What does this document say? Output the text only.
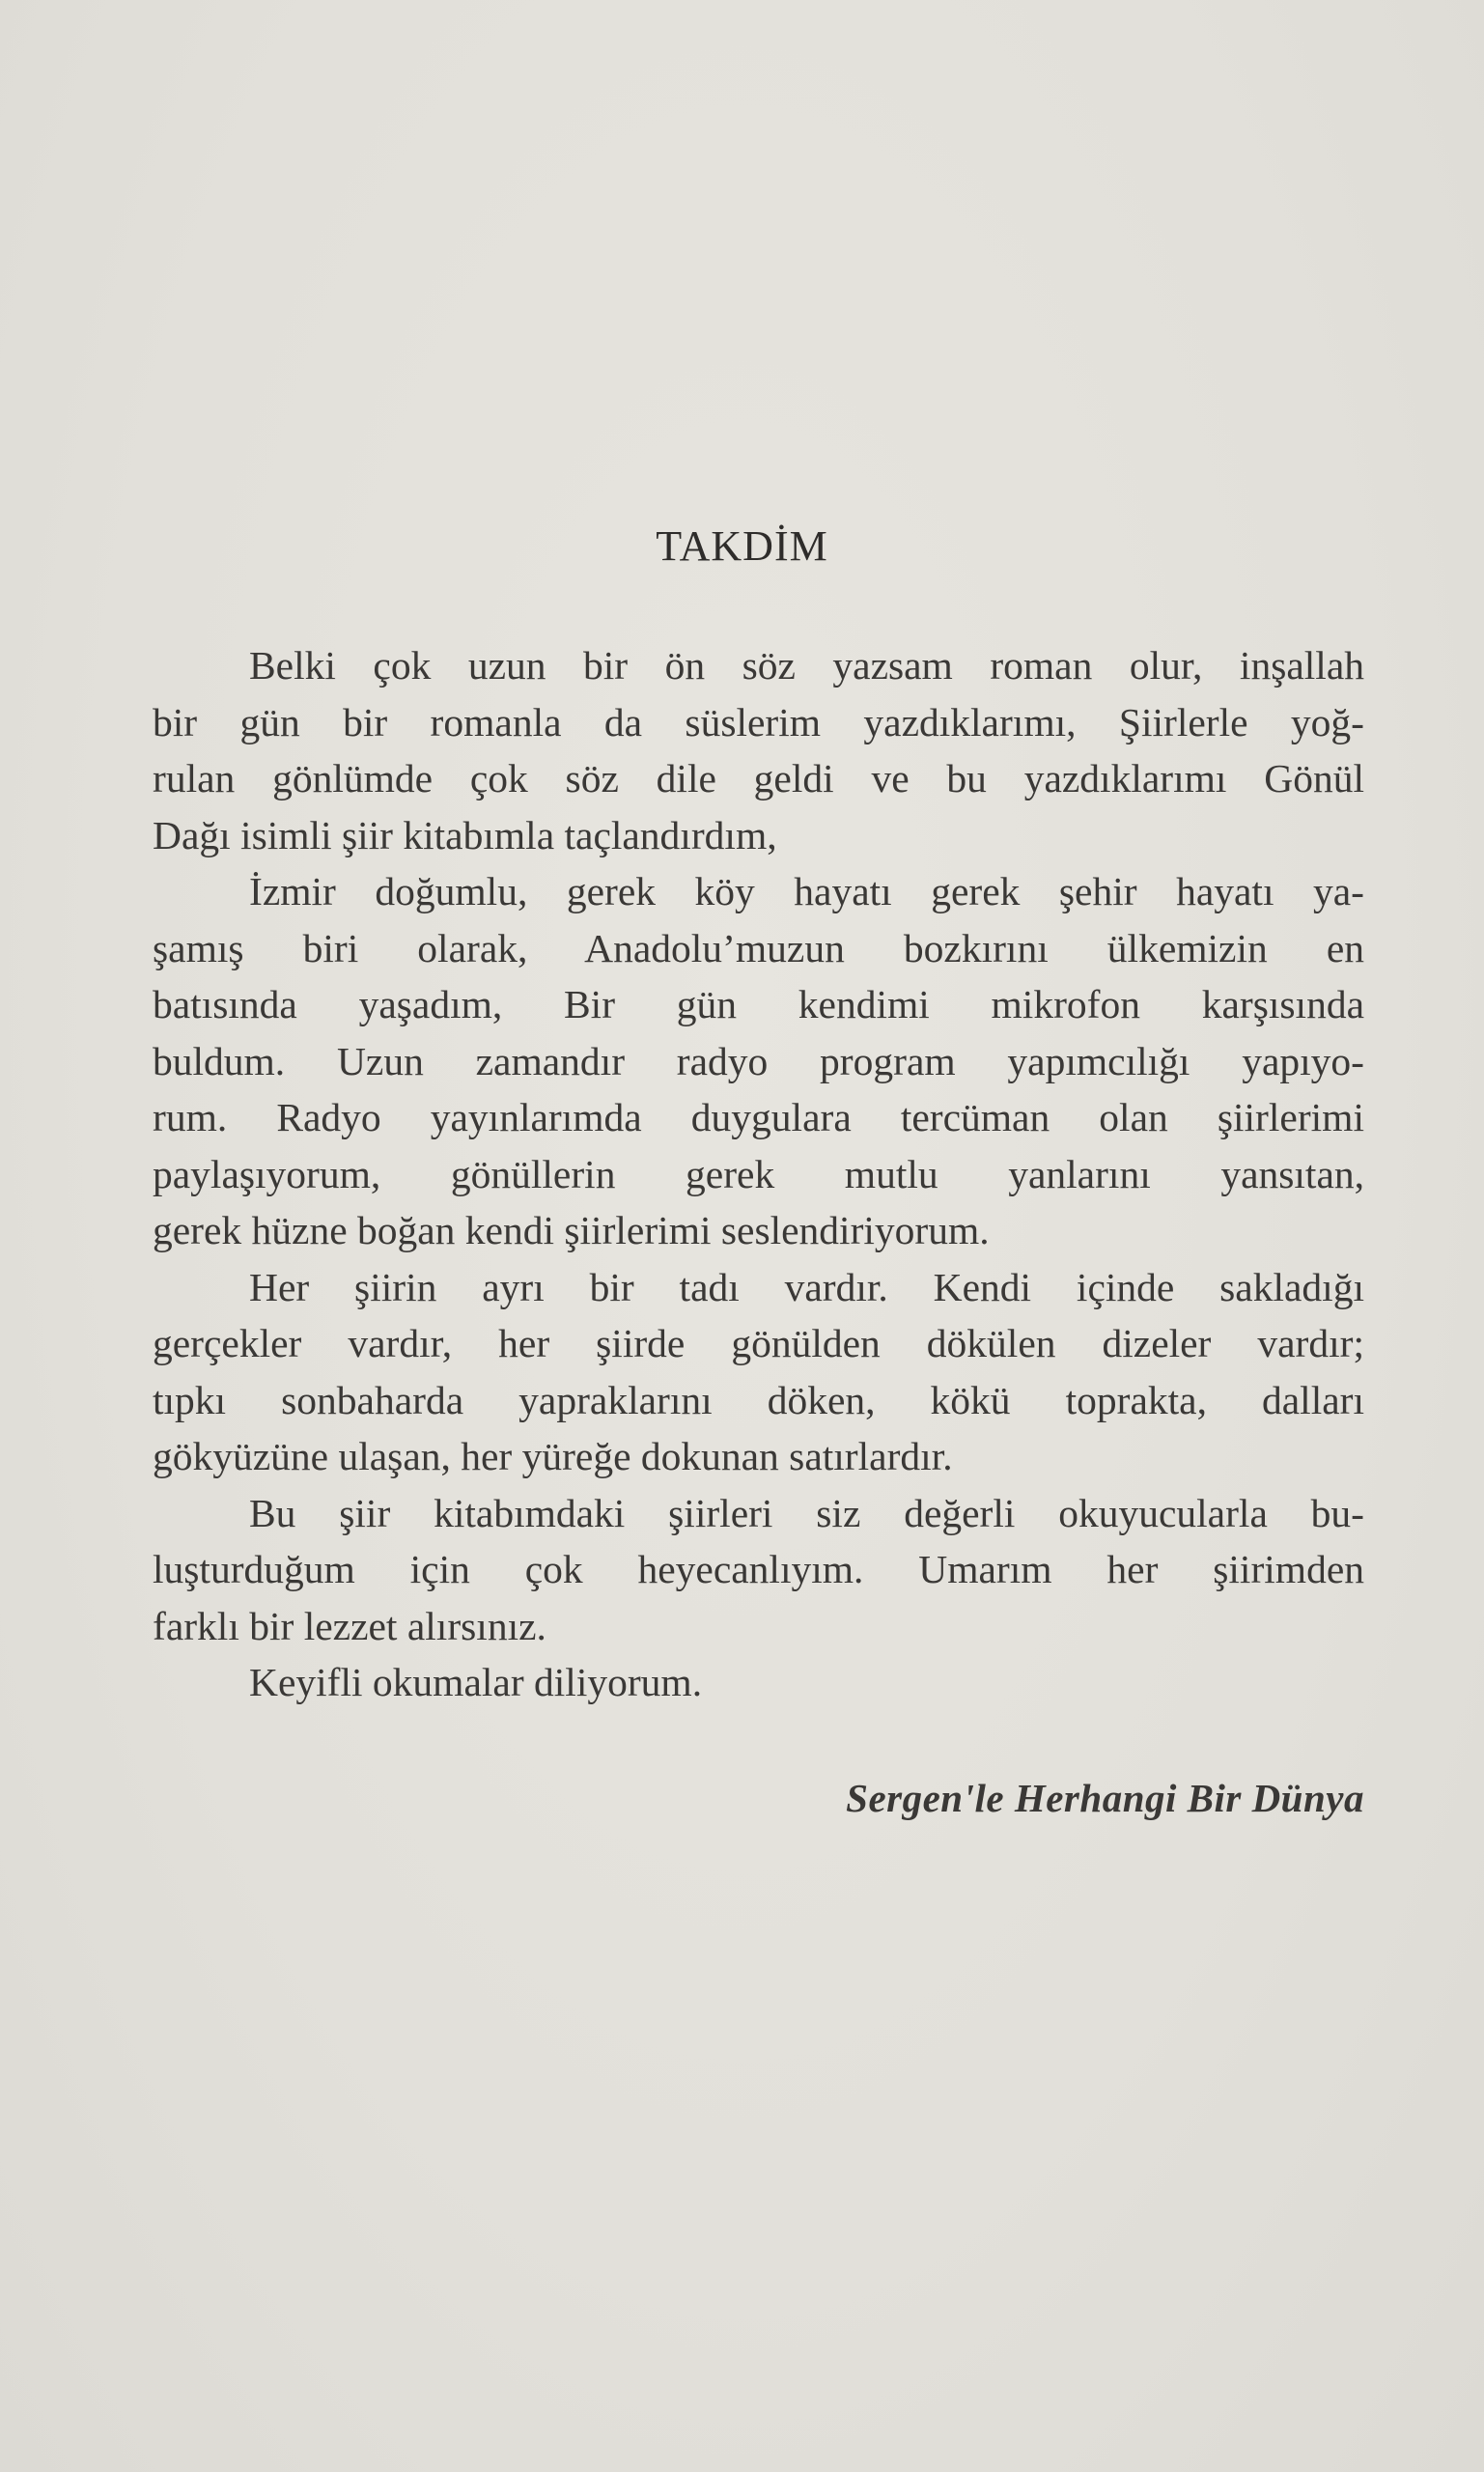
TAKDİM
Belki çok uzun bir ön söz yazsam roman olur, inşallah
bir gün bir romanla da süslerim yazdıklarımı, Şiirlerle yoğ-
rulan gönlümde çok söz dile geldi ve bu yazdıklarımı Gönül
Dağı isimli şiir kitabımla taçlandırdım,
İzmir doğumlu, gerek köy hayatı gerek şehir hayatı ya-
şamış biri olarak, Anadolu’muzun bozkırını ülkemizin en
batısında yaşadım, Bir gün kendimi mikrofon karşısında
buldum. Uzun zamandır radyo program yapımcılığı yapıyo-
rum. Radyo yayınlarımda duygulara tercüman olan şiirlerimi
paylaşıyorum, gönüllerin gerek mutlu yanlarını yansıtan,
gerek hüzne boğan kendi şiirlerimi seslendiriyorum.
Her şiirin ayrı bir tadı vardır. Kendi içinde sakladığı
gerçekler vardır, her şiirde gönülden dökülen dizeler vardır;
tıpkı sonbaharda yapraklarını döken, kökü toprakta, dalları
gökyüzüne ulaşan, her yüreğe dokunan satırlardır.
Bu şiir kitabımdaki şiirleri siz değerli okuyucularla bu-
luşturduğum için çok heyecanlıyım. Umarım her şiirimden
farklı bir lezzet alırsınız.
Keyifli okumalar diliyorum.
Sergen'le Herhangi Bir Dünya
